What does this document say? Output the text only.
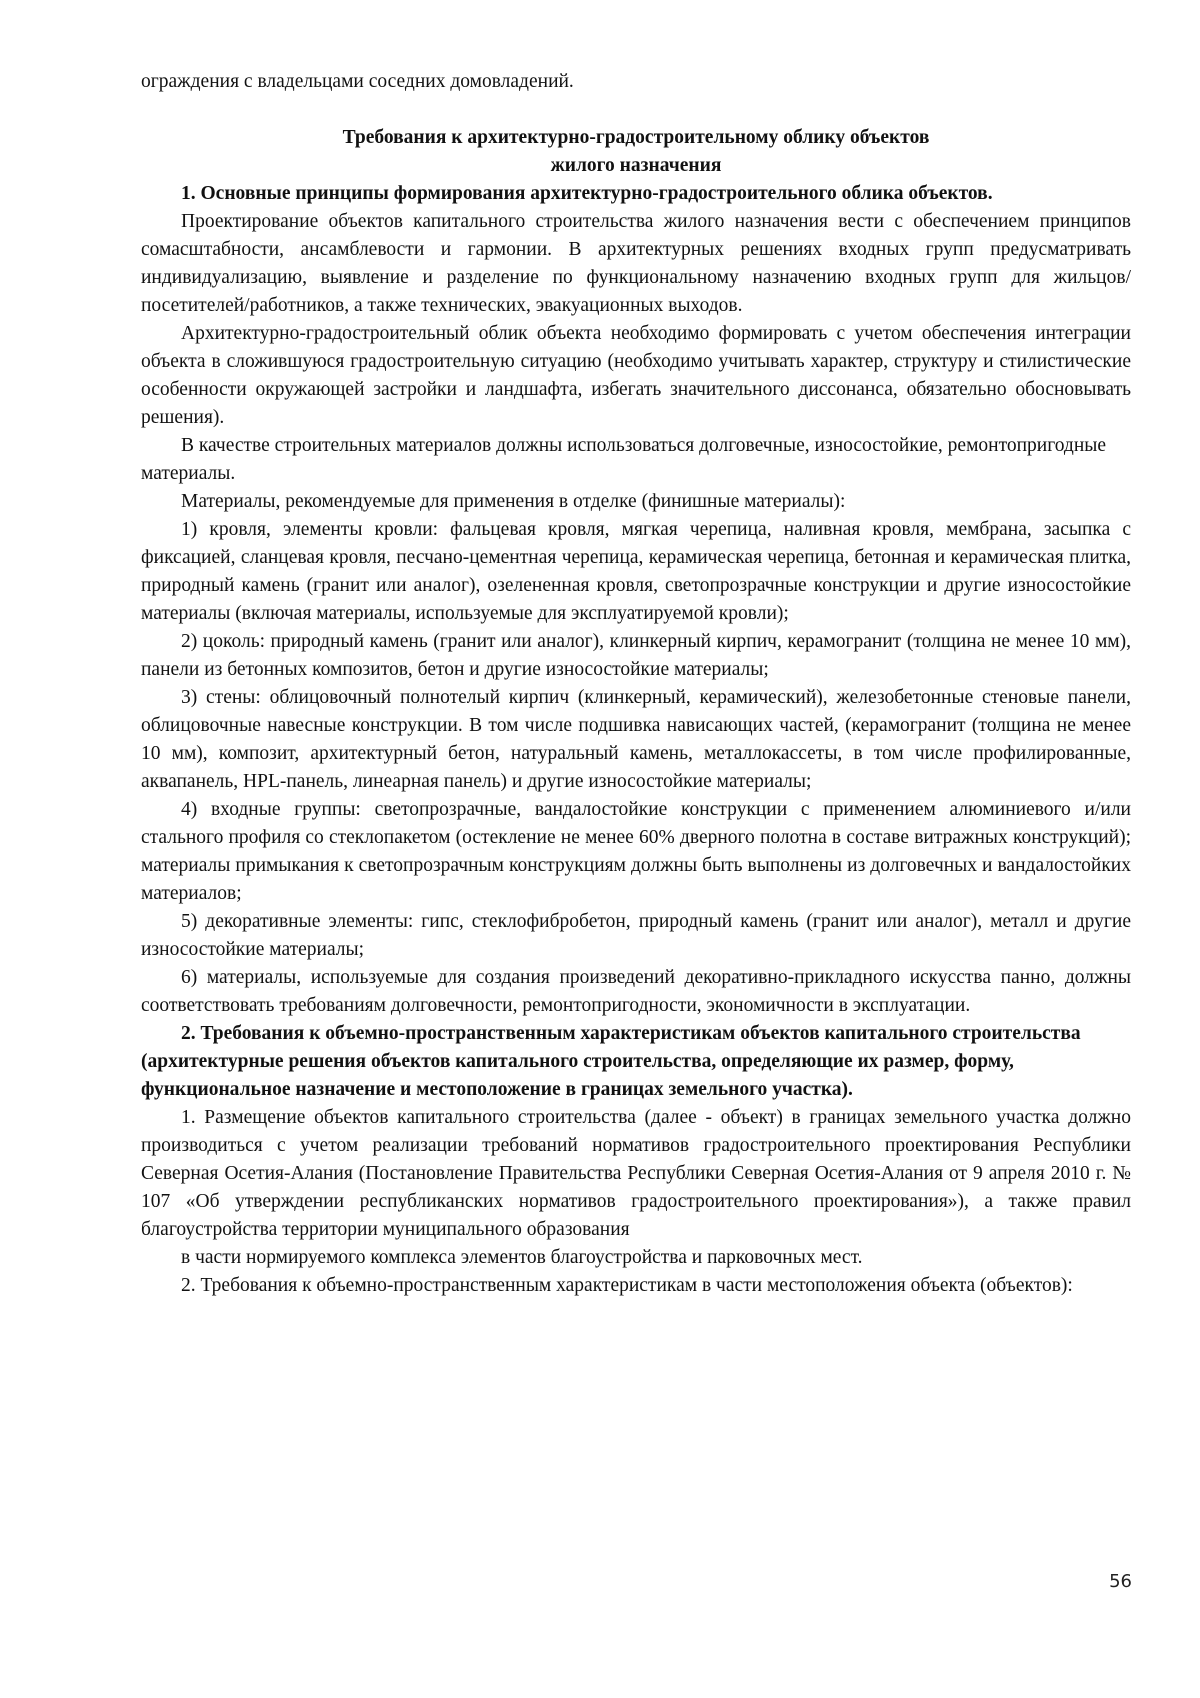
ограждения с владельцами соседних домовладений.

Требования к архитектурно-градостроительному облику объектов
жилого назначения

1. Основные принципы формирования архитектурно-градостроительного облика объектов.

Проектирование объектов капитального строительства жилого назначения вести с обеспечением принципов сомасштабности, ансамблевости и гармонии. В архитектурных решениях входных групп предусматривать индивидуализацию, выявление и разделение по функциональному назначению входных групп для жильцов/посетителей/работников, а также технических, эвакуационных выходов.

Архитектурно-градостроительный облик объекта необходимо формировать с учетом обеспечения интеграции объекта в сложившуюся градостроительную ситуацию (необходимо учитывать характер, структуру и стилистические особенности окружающей застройки и ландшафта, избегать значительного диссонанса, обязательно обосновывать решения).

В качестве строительных материалов должны использоваться долговечные, износостойкие, ремонтопригодные материалы.

Материалы, рекомендуемые для применения в отделке (финишные материалы):

1) кровля, элементы кровли: фальцевая кровля, мягкая черепица, наливная кровля, мембрана, засыпка с фиксацией, сланцевая кровля, песчано-цементная черепица, керамическая черепица, бетонная и керамическая плитка, природный камень (гранит или аналог), озелененная кровля, светопрозрачные конструкции и другие износостойкие материалы (включая материалы, используемые для эксплуатируемой кровли);

2) цоколь: природный камень (гранит или аналог), клинкерный кирпич, керамогранит (толщина не менее 10 мм), панели из бетонных композитов, бетон и другие износостойкие материалы;

3) стены: облицовочный полнотелый кирпич (клинкерный, керамический), железобетонные стеновые панели, облицовочные навесные конструкции. В том числе подшивка нависающих частей, (керамогранит (толщина не менее 10 мм), композит, архитектурный бетон, натуральный камень, металлокассеты, в том числе профилированные, аквапанель, HPL-панель, линеарная панель) и другие износостойкие материалы;

4) входные группы: светопрозрачные, вандалостойкие конструкции с применением алюминиевого и/или стального профиля со стеклопакетом (остекление не менее 60% дверного полотна в составе витражных конструкций); материалы примыкания к светопрозрачным конструкциям должны быть выполнены из долговечных и вандалостойких материалов;

5) декоративные элементы: гипс, стеклофибробетон, природный камень (гранит или аналог), металл и другие износостойкие материалы;

6) материалы, используемые для создания произведений декоративно-прикладного искусства панно, должны соответствовать требованиям долговечности, ремонтопригодности, экономичности в эксплуатации.

2. Требования к объемно-пространственным характеристикам объектов капитального строительства (архитектурные решения объектов капитального строительства, определяющие их размер, форму, функциональное назначение и местоположение в границах земельного участка).

1. Размещение объектов капитального строительства (далее - объект) в границах земельного участка должно производиться с учетом реализации требований нормативов градостроительного проектирования Республики Северная Осетия-Алания (Постановление Правительства Республики Северная Осетия-Алания от 9 апреля 2010 г. № 107 «Об утверждении республиканских нормативов градостроительного проектирования»), а также правил благоустройства территории муниципального образования

в части нормируемого комплекса элементов благоустройства и парковочных мест.

2. Требования к объемно-пространственным характеристикам в части местоположения объекта (объектов):

56
